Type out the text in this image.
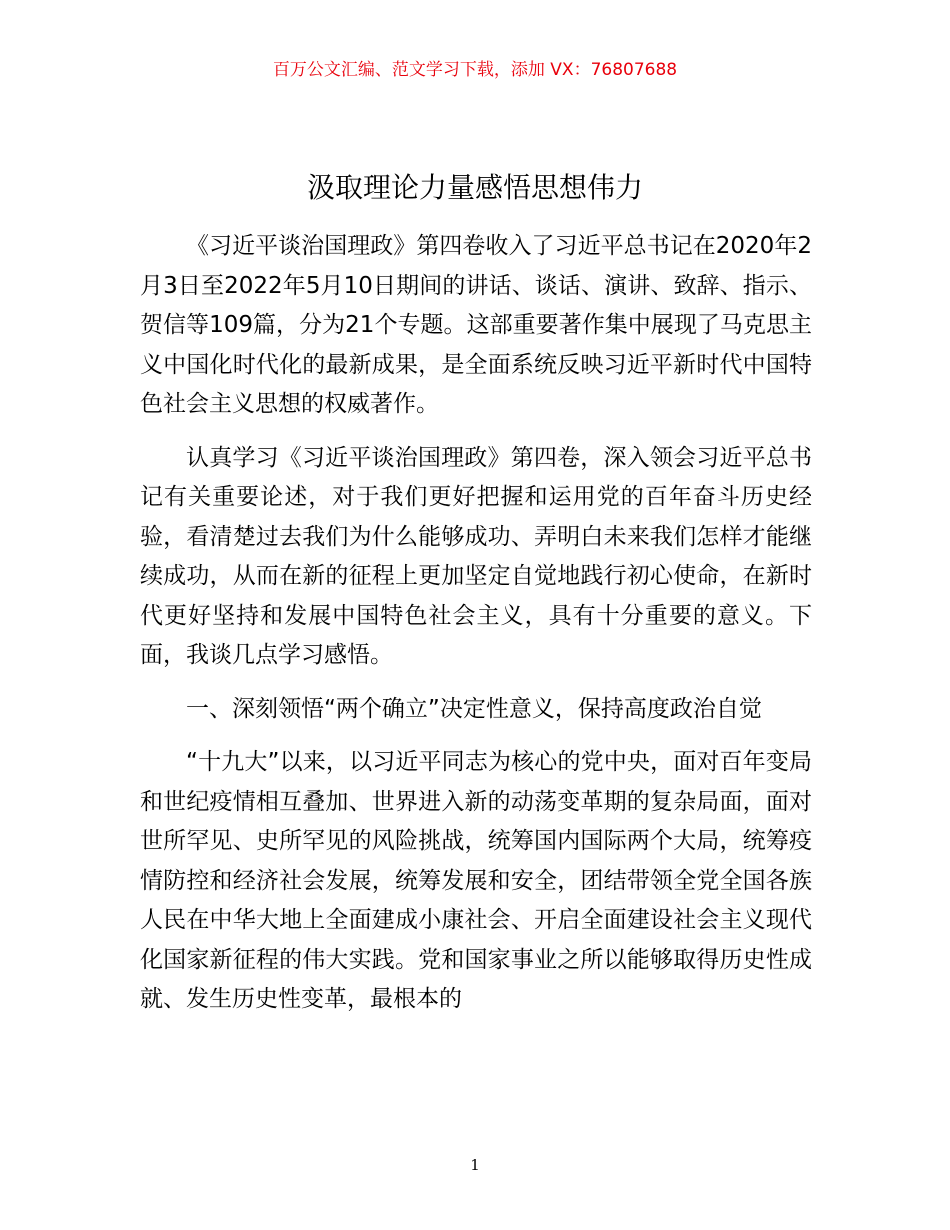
百万公文汇编、范文学习下载，添加 VX：76807688
汲取理论力量感悟思想伟力

《习近平谈治国理政》第四卷收入了习近平总书记在2020年2月3日至2022年5月10日期间的讲话、谈话、演讲、致辞、指示、贺信等109篇，分为21个专题。这部重要著作集中展现了马克思主义中国化时代化的最新成果，是全面系统反映习近平新时代中国特色社会主义思想的权威著作。

认真学习《习近平谈治国理政》第四卷，深入领会习近平总书记有关重要论述，对于我们更好把握和运用党的百年奋斗历史经验，看清楚过去我们为什么能够成功、弄明白未来我们怎样才能继续成功，从而在新的征程上更加坚定自觉地践行初心使命，在新时代更好坚持和发展中国特色社会主义，具有十分重要的意义。下面，我谈几点学习感悟。

一、深刻领悟“两个确立”决定性意义，保持高度政治自觉

“十九大”以来，以习近平同志为核心的党中央，面对百年变局和世纪疫情相互叠加、世界进入新的动荡变革期的复杂局面，面对世所罕见、史所罕见的风险挑战，统筹国内国际两个大局，统筹疫情防控和经济社会发展，统筹发展和安全，团结带领全党全国各族人民在中华大地上全面建成小康社会、开启全面建设社会主义现代化国家新征程的伟大实践。党和国家事业之所以能够取得历史性成就、发生历史性变革，最根本的

1
